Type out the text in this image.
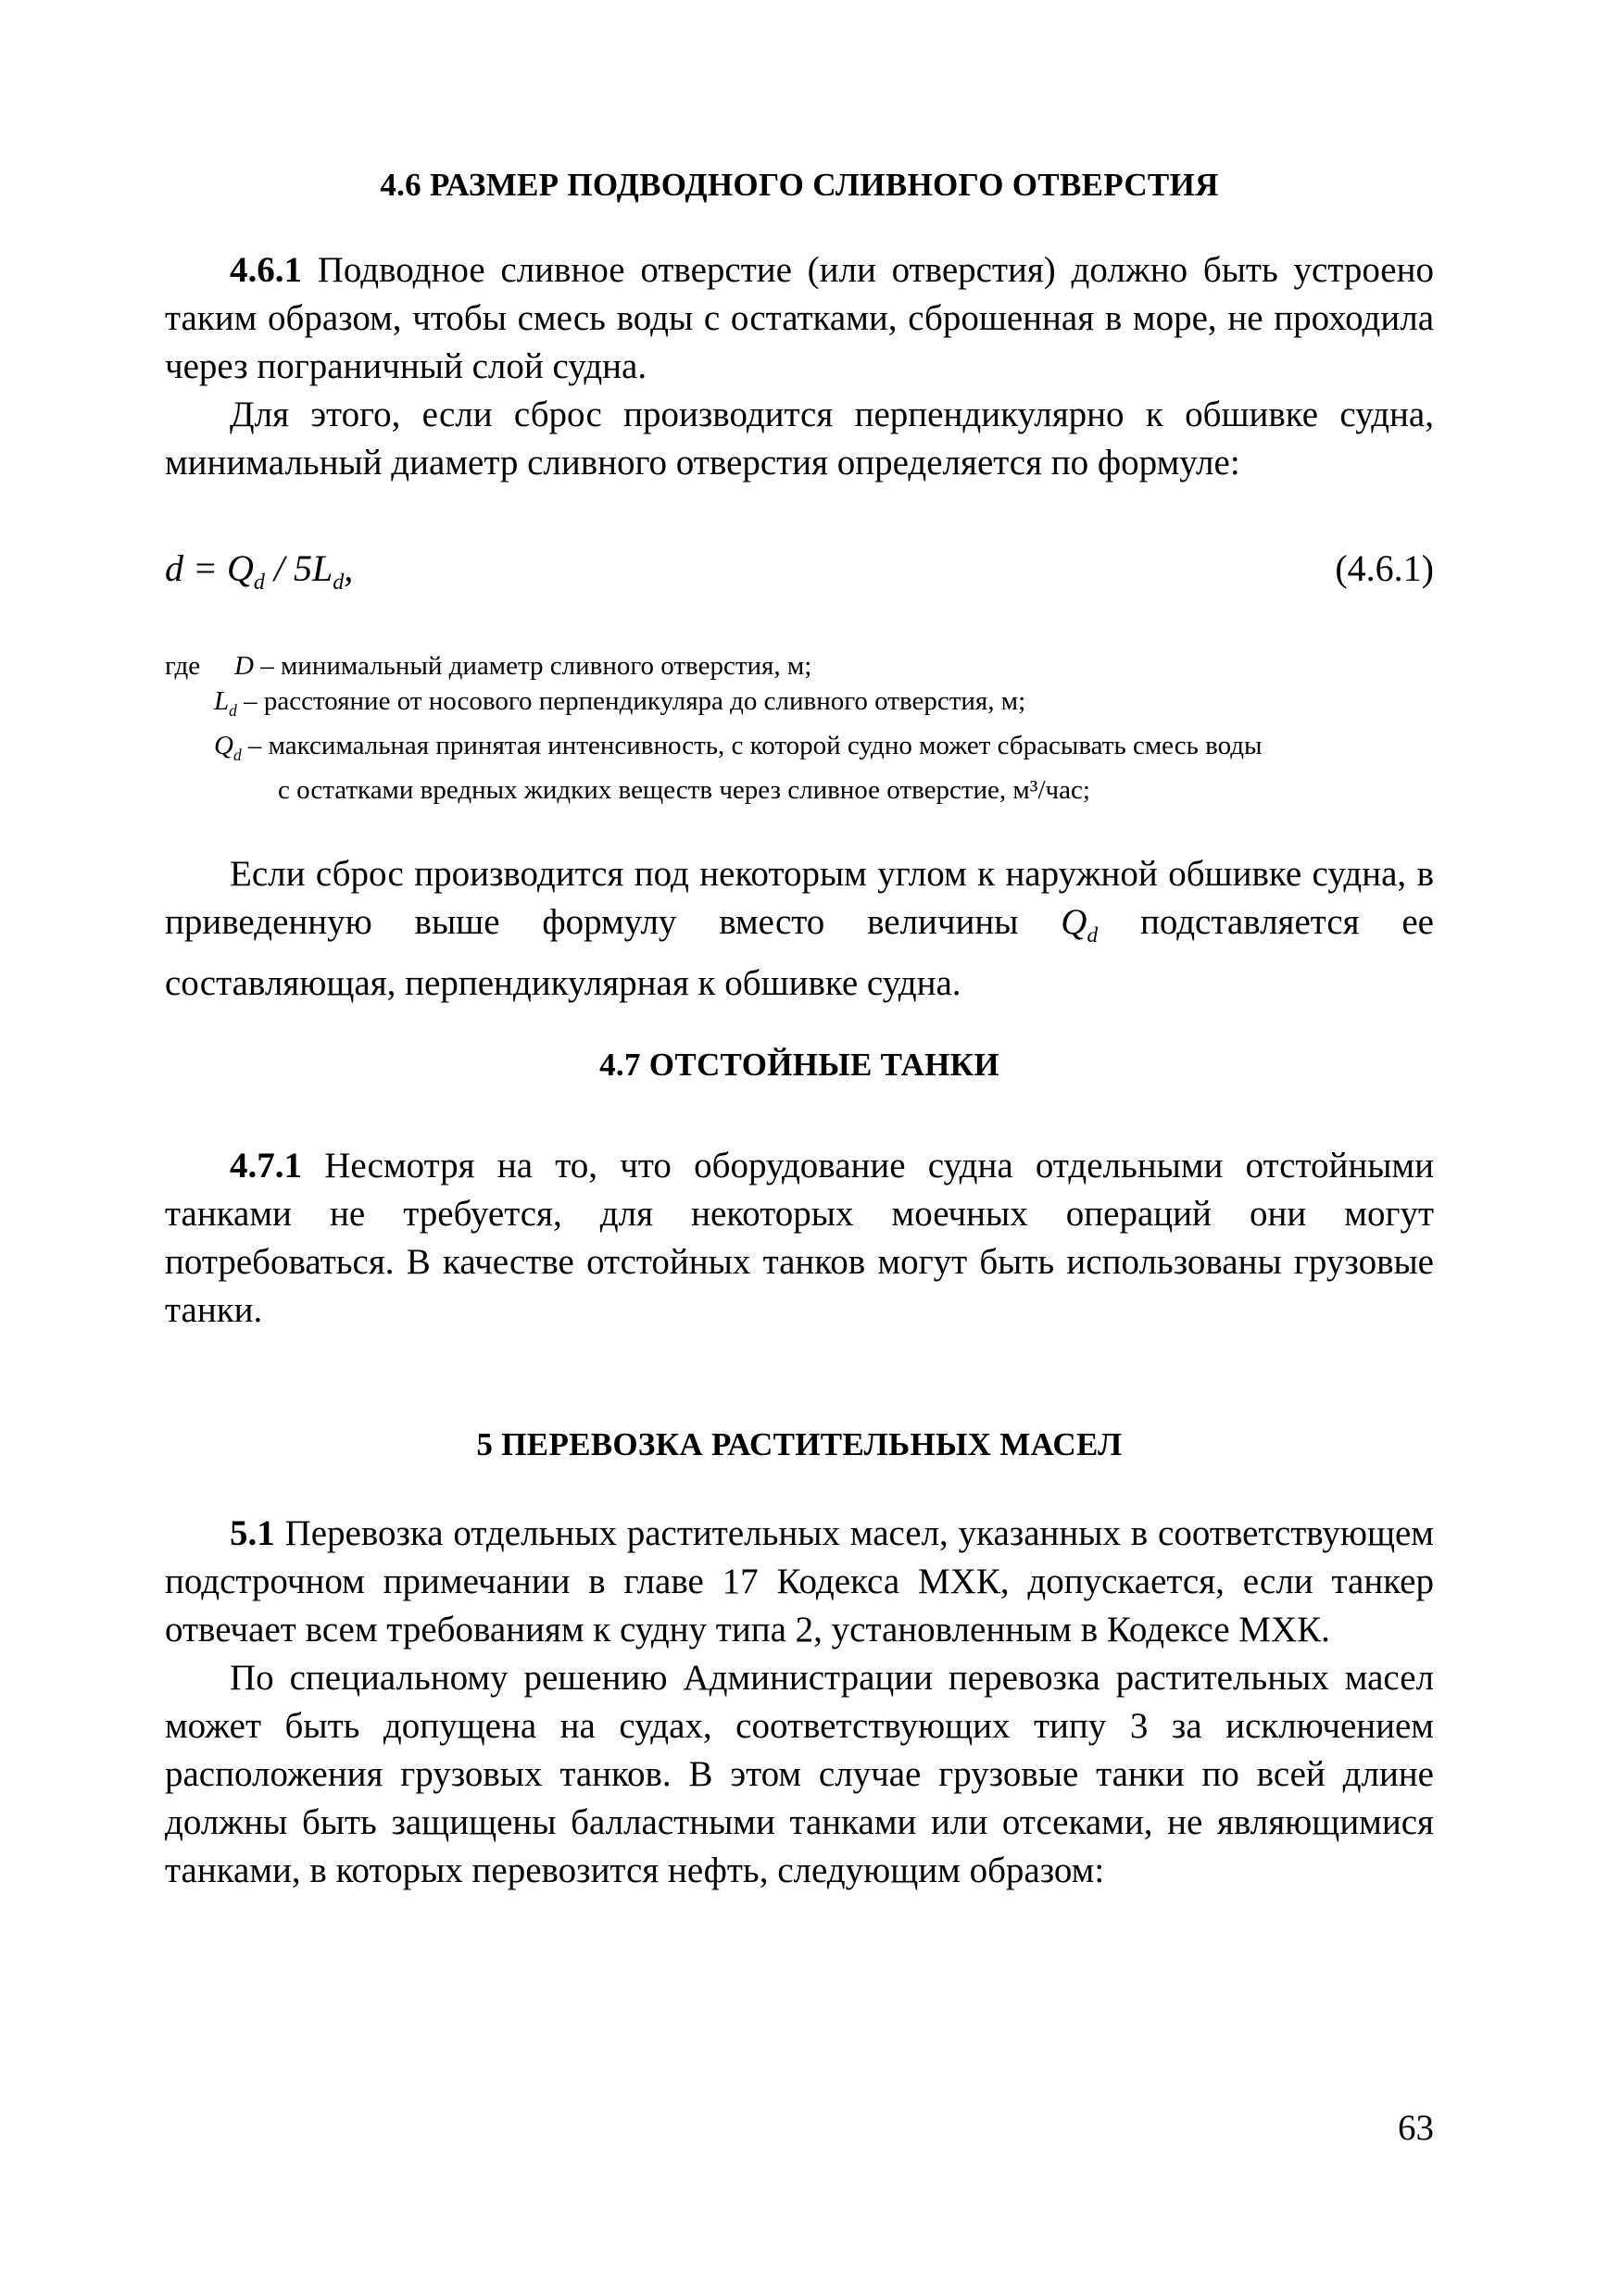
4.6 РАЗМЕР ПОДВОДНОГО СЛИВНОГО ОТВЕРСТИЯ

4.6.1 Подводное сливное отверстие (или отверстия) должно быть устроено таким образом, чтобы смесь воды с остатками, сброшенная в море, не проходила через пограничный слой судна.

Для этого, если сброс производится перпендикулярно к обшивке судна, минимальный диаметр сливного отверстия определяется по формуле:

$d = Q_d / 5L_d$,	(4.6.1)
где D – минимальный диаметр сливного отверстия, м;
$L_d$ – расстояние от носового перпендикуляра до сливного отверстия, м;
$Q_d$ – максимальная принятая интенсивность, с которой судно может сбрасывать смесь воды
с остатками вредных жидких веществ через сливное отверстие, м³/час;

Если сброс производится под некоторым углом к наружной обшивке судна, в приведенную выше формулу вместо величины $Q_d$ подставляется ее составляющая, перпендикулярная к обшивке судна.

4.7 ОТСТОЙНЫЕ ТАНКИ

4.7.1 Несмотря на то, что оборудование судна отдельными отстойными танками не требуется, для некоторых моечных операций они могут потребоваться. В качестве отстойных танков могут быть использованы грузовые танки.

5 ПЕРЕВОЗКА РАСТИТЕЛЬНЫХ МАСЕЛ

5.1 Перевозка отдельных растительных масел, указанных в соответствующем подстрочном примечании в главе 17 Кодекса МХК, допускается, если танкер отвечает всем требованиям к судну типа 2, установленным в Кодексе МХК.

По специальному решению Администрации перевозка растительных масел может быть допущена на судах, соответствующих типу 3 за исключением расположения грузовых танков. В этом случае грузовые танки по всей длине должны быть защищены балластными танками или отсеками, не являющимися танками, в которых перевозится нефть, следующим образом:

63
